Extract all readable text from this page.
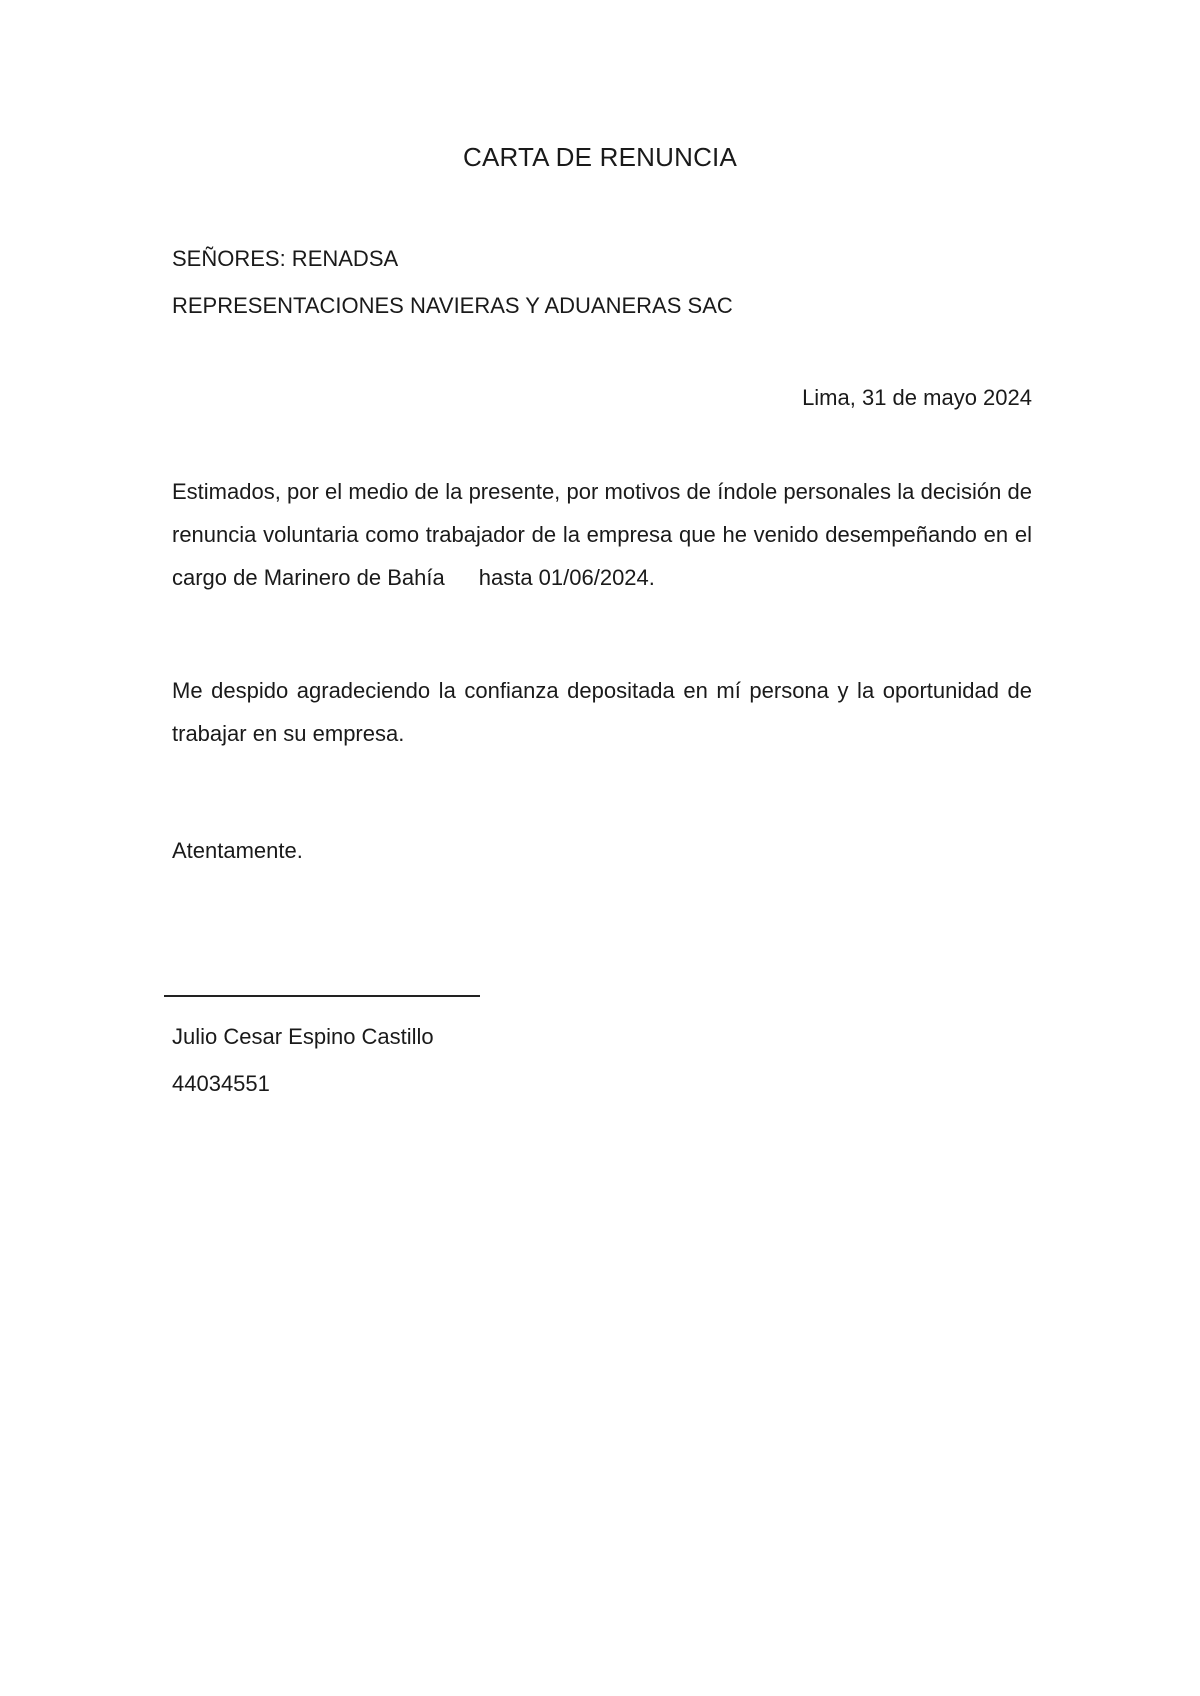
CARTA DE RENUNCIA
SEÑORES: RENADSA
REPRESENTACIONES NAVIERAS Y ADUANERAS SAC
Lima, 31 de mayo 2024
Estimados, por el medio de la presente, por motivos de índole personales la decisión de renuncia voluntaria como trabajador de la empresa que he venido desempeñando en el cargo de Marinero de Bahía hasta 01/06/2024.
Me despido agradeciendo la confianza depositada en mí persona y la oportunidad de trabajar en su empresa.
Atentamente.
Julio Cesar Espino Castillo
44034551
